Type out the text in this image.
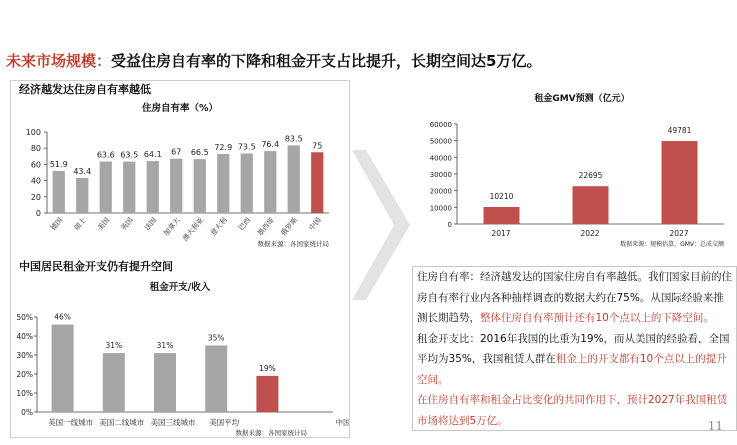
未来市场规模：受益住房自有率的下降和租金开支占比提升，长期空间达5万亿。
经济越发达住房自有率越低
住房自有率（%）
0
20
40
60
80
100
51.9
德国
43.4
瑞士
63.6
美国
63.5
英国
64.1
法国
67
加拿大
66.5
澳大利亚
72.9
意大利
73.5
巴西
76.4
墨西哥
83.5
俄罗斯
75
中国
数据来源：各国家统计局

中国居民租金开支仍有提升空间
租金开支/收入
0%
10%
20%
30%
40%
50%	46%
31%	31%
35%
19%
美国一线城市 美国二线城市 美国三线城市 美国平均	中国
数据来源：各国家统计局
租金GMV预测（亿元）
0
10000
20000
30000
40000
50000
60000
10210
22695
49781

住房自有率：经济越发达的国家住房自有率越低。我们国家目前的住

房自有率行业内各种抽样调查的数据大约在75%。从国际经验来推

测长期趋势，整体住房自有率预计还有10个点以上的下降空间。

租金开支比：2016年我国的比重为19%，而从美国的经验看，全国

平均为35%，我国租赁人群在租金上的开支都有10个点以上的提升

空间。

在住房自有率和租金占比变化的共同作用下，预计2027年我国租赁

市场将达到5万亿。	11
2017	2022	2027
数据来源：规模估算，GMV：总成交额
